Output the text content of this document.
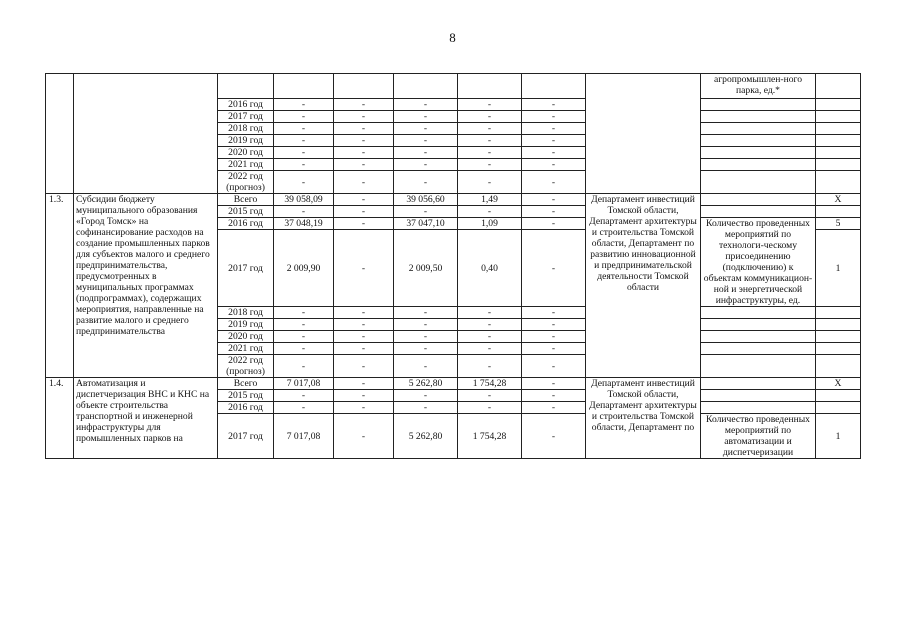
8
									агропромышлен-ного парка, ед.*	
		2016 год	-	-	-	-	-			
		2017 год	-	-	-	-	-			
		2018 год	-	-	-	-	-			
		2019 год	-	-	-	-	-			
		2020 год	-	-	-	-	-			
		2021 год	-	-	-	-	-			
		2022 год (прогноз)	-	-	-	-	-			
1.3.	Субсидии бюджету муниципального образования «Город Томск» на софинансирование расходов на создание промышленных парков для субъектов малого и среднего предпринимательства, предусмотренных в муниципальных программах (подпрограммах), содержащих мероприятия, направленные на развитие малого и среднего предпринимательства	Всего	39 058,09	-	39 056,60	1,49	-	Департамент инвестиций Томской области, Департамент архитектуры и строительства Томской области, Департамент по развитию инновационной и предпринимательской деятельности Томской области		X
		2015 год	-	-	-	-	-			
		2016 год	37 048,19	-	37 047,10	1,09	-		Количество проведенных мероприятий по технологи-ческому присоединению (подключению) к объектам коммуникацион-ной и энергетической инфраструктуры, ед.	5
		2017 год	2 009,90	-	2 009,50	0,40	-			1
		2018 год	-	-	-	-	-			
		2019 год	-	-	-	-	-			
		2020 год	-	-	-	-	-			
		2021 год	-	-	-	-	-			
		2022 год (прогноз)	-	-	-	-	-			
1.4.	Автоматизация и диспетчеризация ВНС и КНС на объекте строительства транспортной и инженерной инфраструктуры для промышленных парков на	Всего	7 017,08	-	5 262,80	1 754,28	-	Департамент инвестиций Томской области, Департамент архитектуры и строительства Томской области, Департамент по		X
		2015 год	-	-	-	-	-			
		2016 год	-	-	-	-	-			
		2017 год	7 017,08	-	5 262,80	1 754,28	-		Количество проведенных мероприятий по автоматизации и диспетчеризации	1
